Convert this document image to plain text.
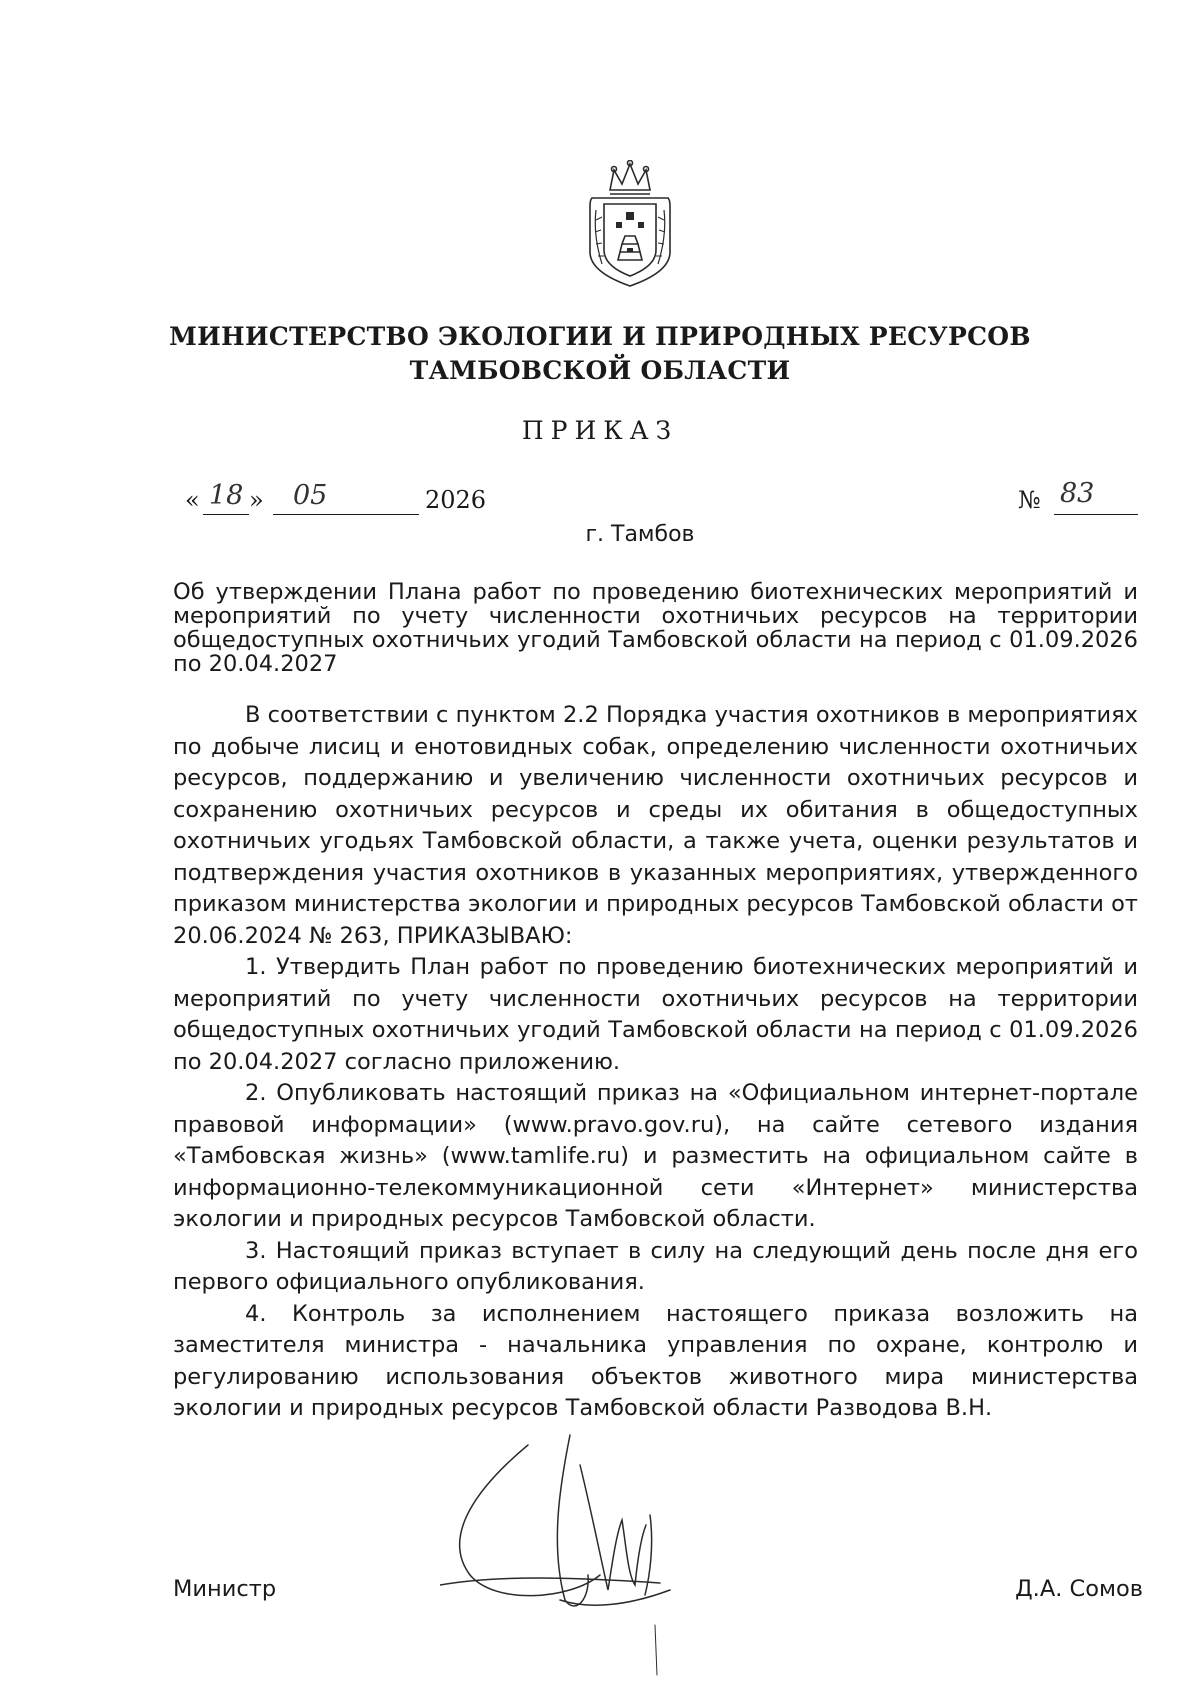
МИНИСТЕРСТВО ЭКОЛОГИИ И ПРИРОДНЫХ РЕСУРСОВ
ТАМБОВСКОЙ ОБЛАСТИ
ПРИКАЗ
« 18 » 05	2026	№ 83
г. Тамбов
Об утверждении Плана работ по проведению биотехнических мероприятий и мероприятий по учету численности охотничьих ресурсов на территории общедоступных охотничьих угодий Тамбовской области на период с 01.09.2026 по 20.04.2027

В соответствии с пунктом 2.2 Порядка участия охотников в мероприятиях по добыче лисиц и енотовидных собак, определению численности охотничьих ресурсов, поддержанию и увеличению численности охотничьих ресурсов и сохранению охотничьих ресурсов и среды их обитания в общедоступных охотничьих угодьях Тамбовской области, а также учета, оценки результатов и подтверждения участия охотников в указанных мероприятиях, утвержденного приказом министерства экологии и природных ресурсов Тамбовской области от 20.06.2024 № 263, ПРИКАЗЫВАЮ:

1. Утвердить План работ по проведению биотехнических мероприятий и мероприятий по учету численности охотничьих ресурсов на территории общедоступных охотничьих угодий Тамбовской области на период с 01.09.2026 по 20.04.2027 согласно приложению.

2. Опубликовать настоящий приказ на «Официальном интернет-портале правовой информации» (www.pravo.gov.ru), на сайте сетевого издания «Тамбовская жизнь» (www.tamlife.ru) и разместить на официальном сайте в информационно-телекоммуникационной сети «Интернет» министерства экологии и природных ресурсов Тамбовской области.

3. Настоящий приказ вступает в силу на следующий день после дня его первого официального опубликования.

4. Контроль за исполнением настоящего приказа возложить на заместителя министра - начальника управления по охране, контролю и регулированию использования объектов животного мира министерства экологии и природных ресурсов Тамбовской области Разводова В.Н.

Министр	Д.А. Сомов
